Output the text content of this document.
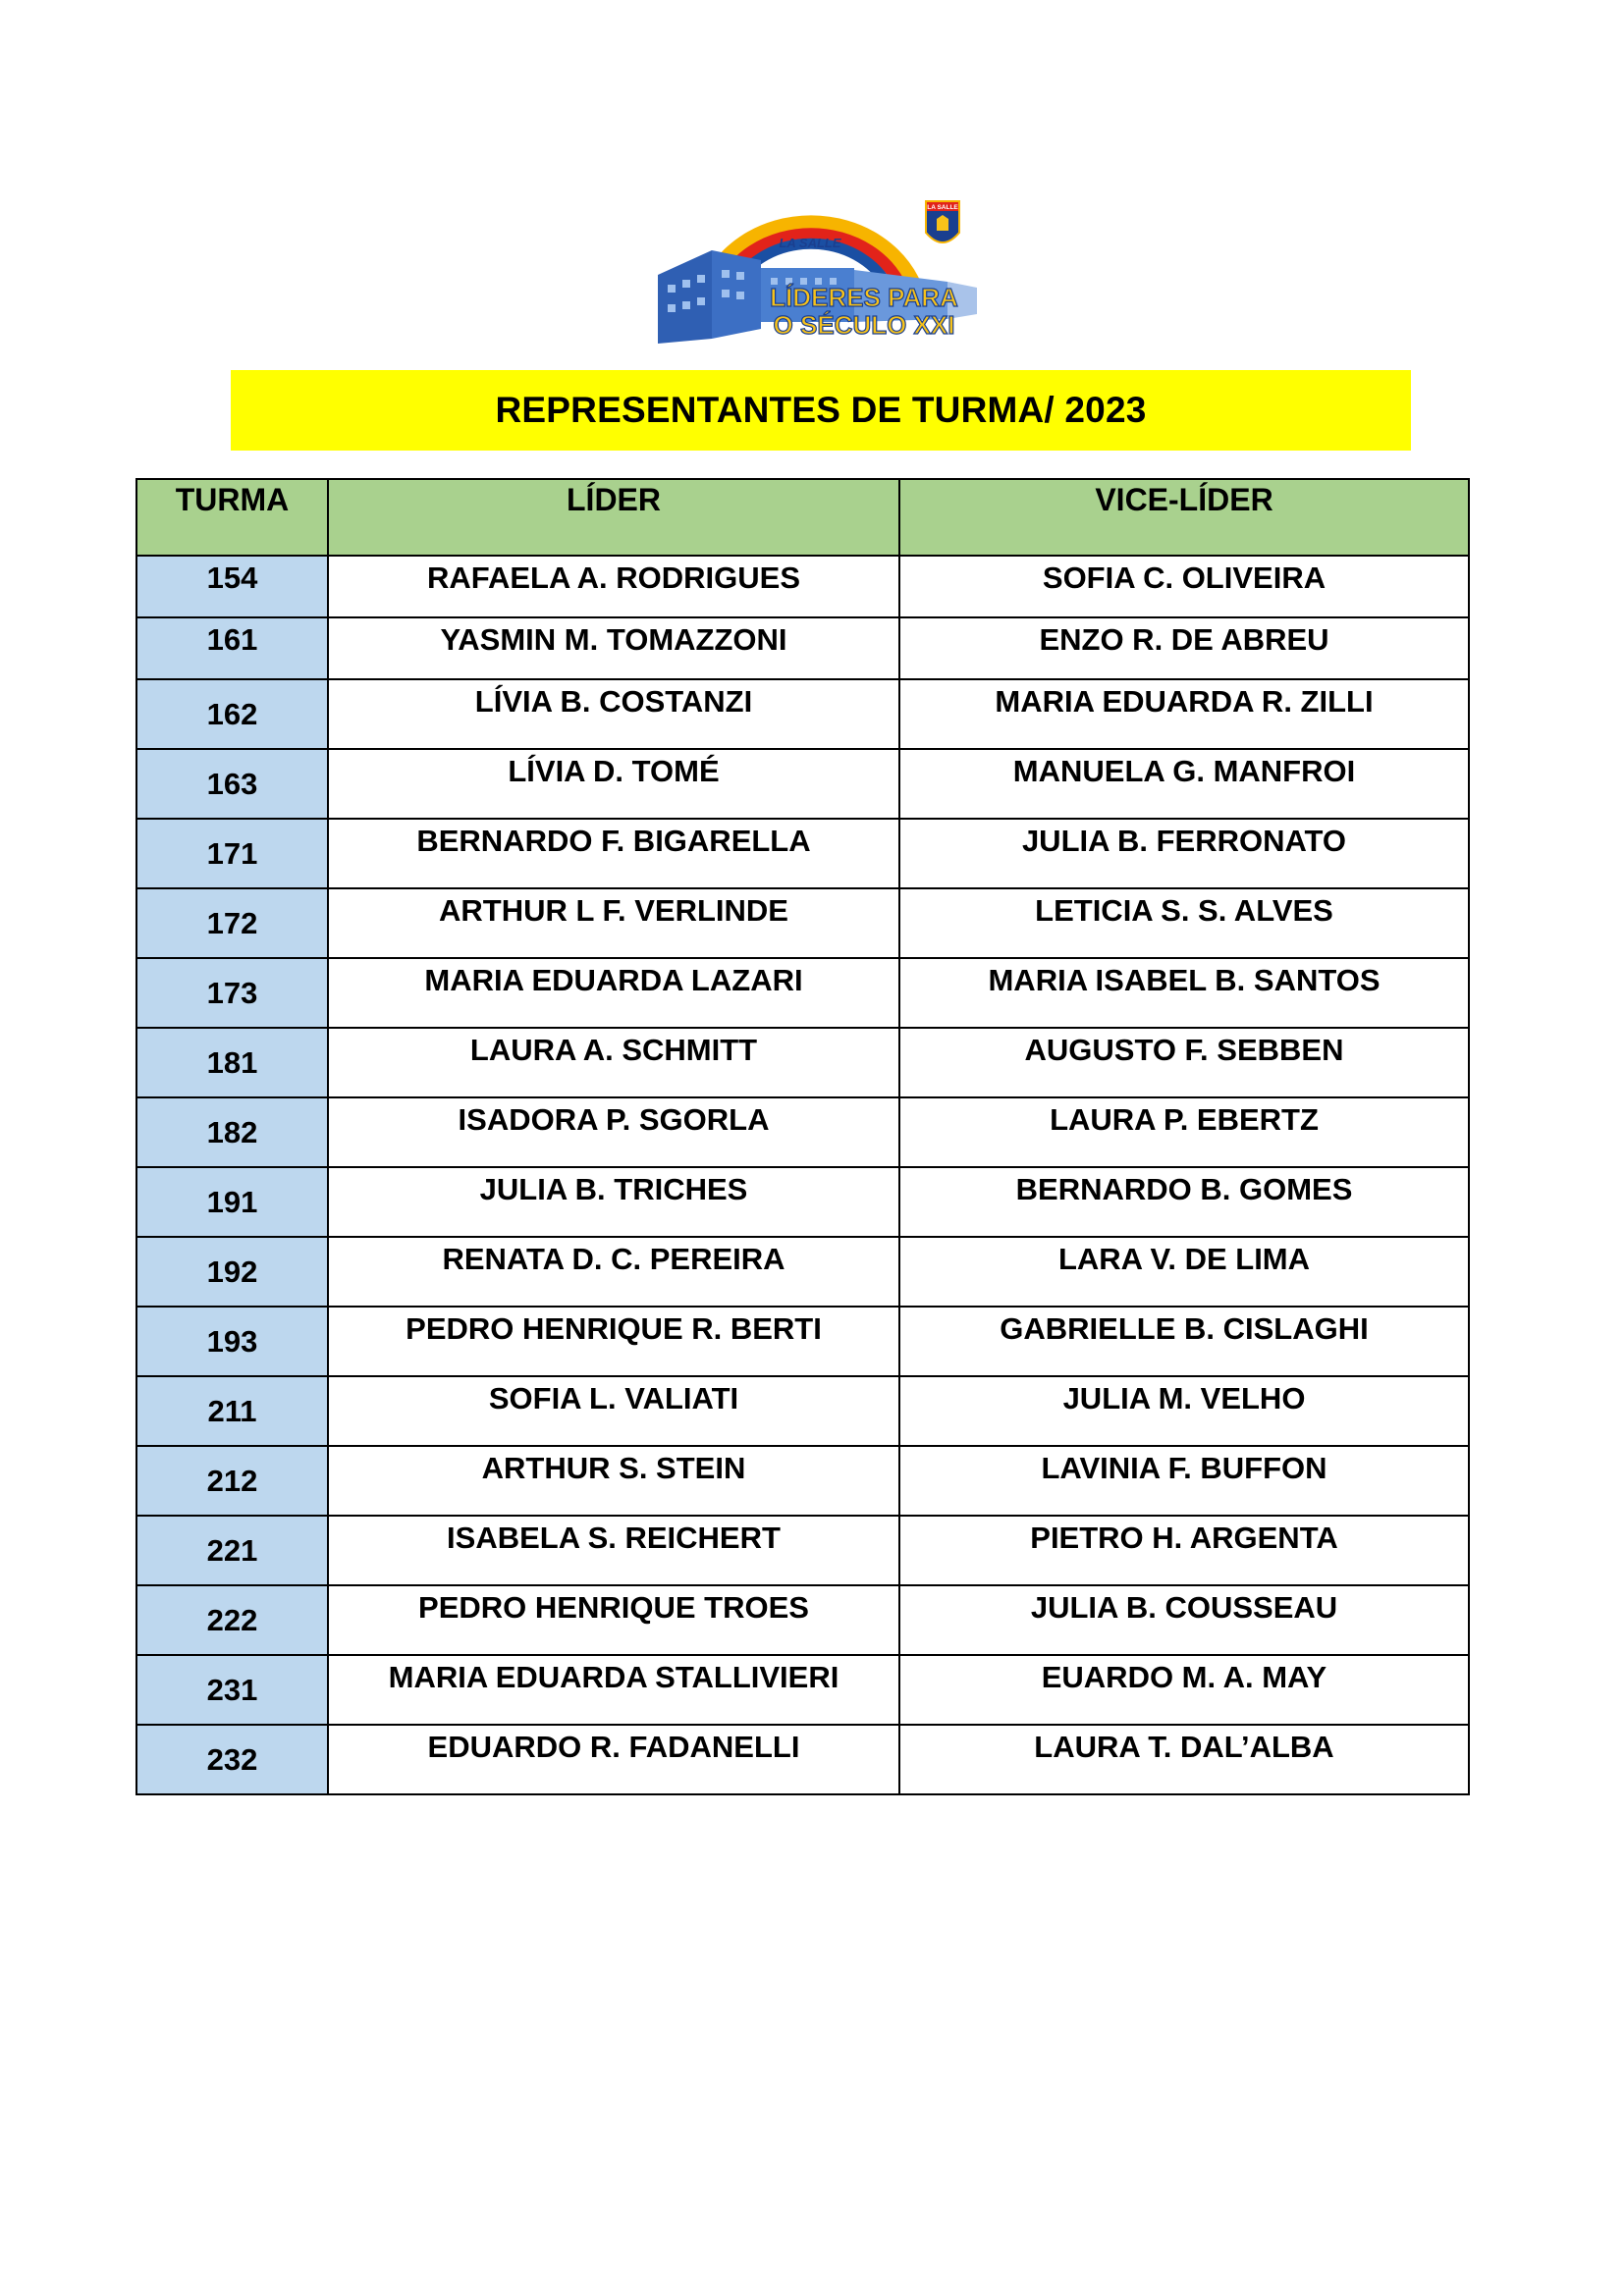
LA SALLE
LÍDERES PARA
O SÉCULO XXI
LA SALLE
REPRESENTANTES DE TURMA/ 2023
TURMA	LÍDER	VICE-LÍDER

154	RAFAELA A. RODRIGUES	SOFIA C. OLIVEIRA
161	YASMIN M. TOMAZZONI	ENZO R. DE ABREU
162	LÍVIA B. COSTANZI	MARIA EDUARDA R. ZILLI
163	LÍVIA D. TOMÉ	MANUELA G. MANFROI
171	BERNARDO F. BIGARELLA	JULIA B. FERRONATO
172	ARTHUR L F. VERLINDE	LETICIA S. S. ALVES
173	MARIA EDUARDA LAZARI	MARIA ISABEL B. SANTOS
181	LAURA A. SCHMITT	AUGUSTO F. SEBBEN
182	ISADORA P. SGORLA	LAURA P. EBERTZ
191	JULIA B. TRICHES	BERNARDO B. GOMES
192	RENATA D. C. PEREIRA	LARA V. DE LIMA
193	PEDRO HENRIQUE R. BERTI	GABRIELLE B. CISLAGHI
211	SOFIA L. VALIATI	JULIA M. VELHO
212	ARTHUR S. STEIN	LAVINIA F. BUFFON
221	ISABELA S. REICHERT	PIETRO H. ARGENTA
222	PEDRO HENRIQUE TROES	JULIA B. COUSSEAU
231	MARIA EDUARDA STALLIVIERI	EUARDO M. A. MAY
232	EDUARDO R. FADANELLI	LAURA T. DAL’ALBA
